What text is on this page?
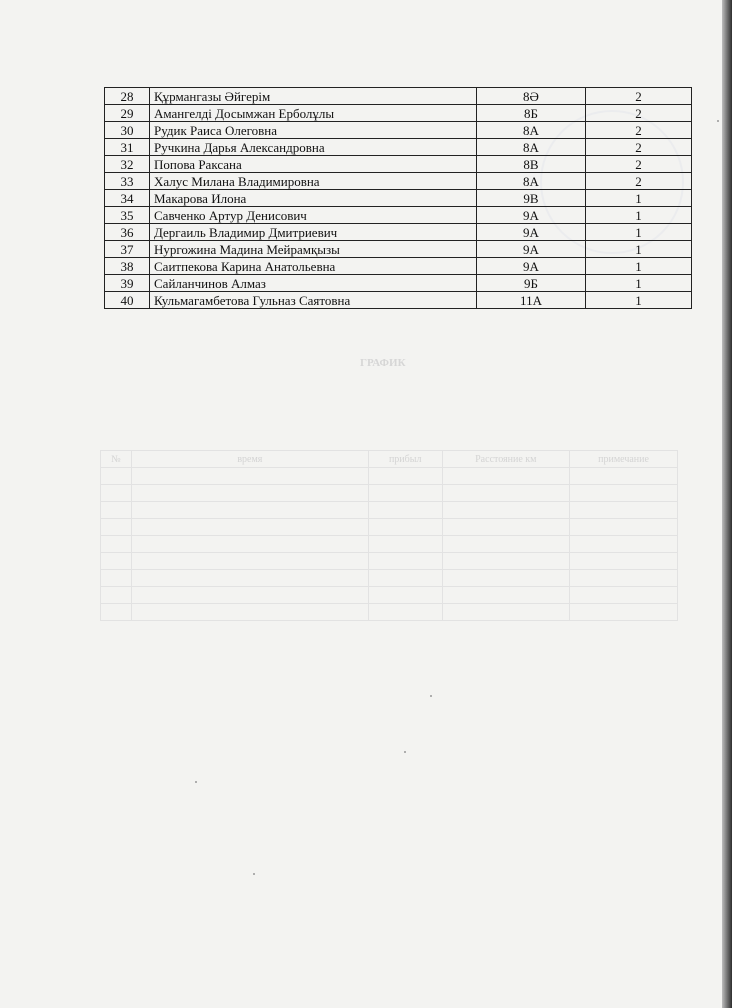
28	Құрмангазы Әйгерім	8Ә	2
29	Амангелді Досымжан Ерболұлы	8Б	2
30	Рудик Раиса Олеговна	8А	2
31	Ручкина Дарья Александровна	8А	2
32	Попова Раксана	8В	2
33	Халус Милана Владимировна	8А	2
34	Макарова Илона	9В	1
35	Савченко Артур Денисович	9А	1
36	Дергаиль Владимир Дмитриевич	9А	1
37	Нургожина Мадина Мейрамқызы	9А	1
38	Саитпекова Карина Анатольевна	9А	1
39	Сайланчинов Алмаз	9Б	1
40	Кульмагамбетова Гульназ Саятовна	11А	1
ГРАФИК
№	время	прибыл	Расстояние км	примечание
